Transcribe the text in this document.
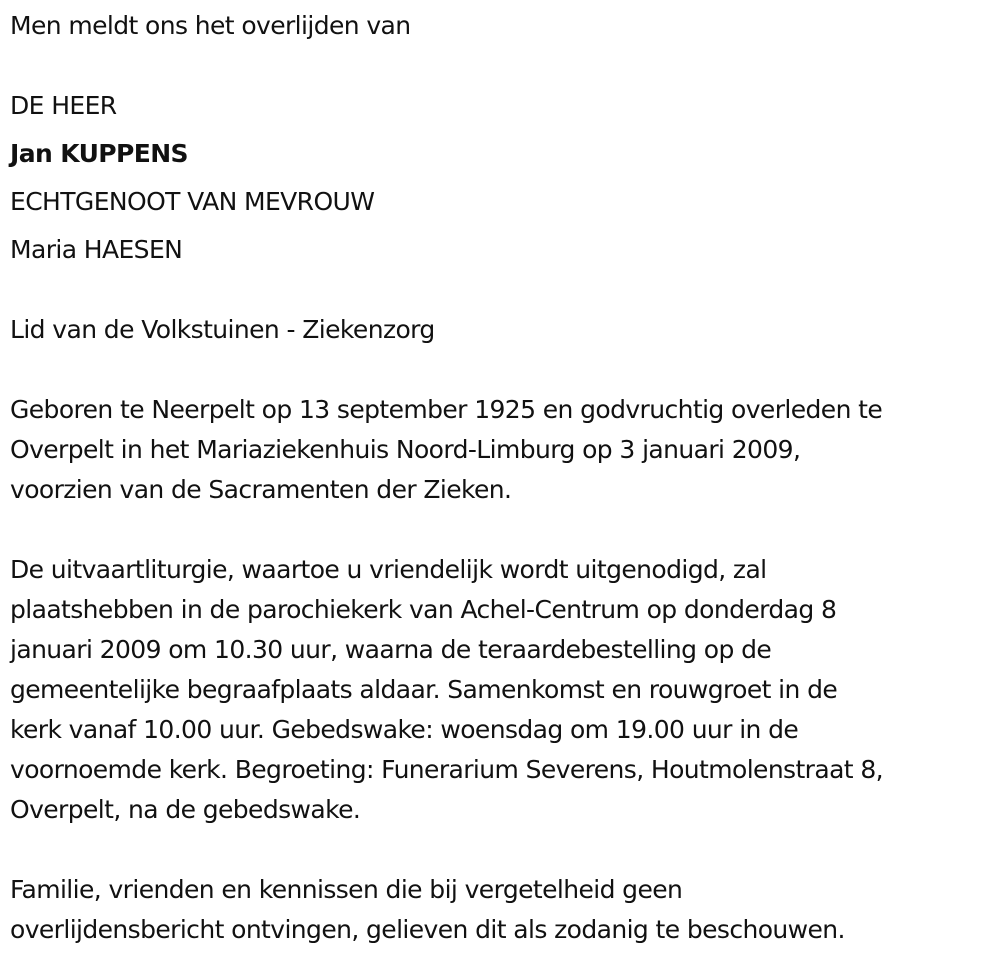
Men meldt ons het overlijden van
DE HEER
Jan KUPPENS
ECHTGENOOT VAN MEVROUW
Maria HAESEN
Lid van de Volkstuinen - Ziekenzorg
Geboren te Neerpelt op 13 september 1925 en godvruchtig overleden te
Overpelt in het Mariaziekenhuis Noord-Limburg op 3 januari 2009,
voorzien van de Sacramenten der Zieken.
De uitvaartliturgie, waartoe u vriendelijk wordt uitgenodigd, zal
plaatshebben in de parochiekerk van Achel-Centrum op donderdag 8
januari 2009 om 10.30 uur, waarna de teraardebestelling op de
gemeentelijke begraafplaats aldaar. Samenkomst en rouwgroet in de
kerk vanaf 10.00 uur. Gebedswake: woensdag om 19.00 uur in de
voornoemde kerk. Begroeting: Funerarium Severens, Houtmolenstraat 8,
Overpelt, na de gebedswake.
Familie, vrienden en kennissen die bij vergetelheid geen
overlijdensbericht ontvingen, gelieven dit als zodanig te beschouwen.
